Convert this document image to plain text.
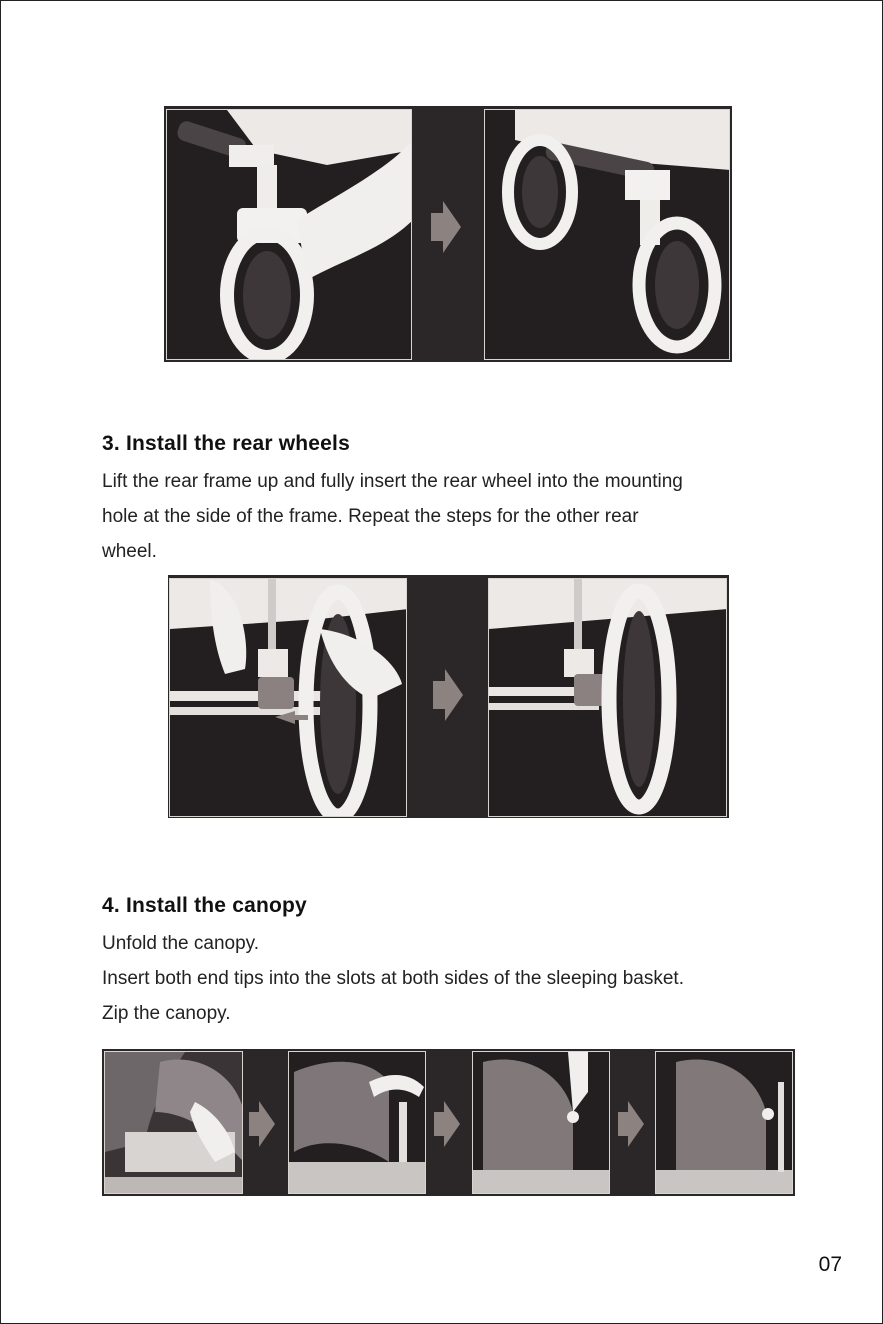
3. Install the rear wheels

Lift the rear frame up and fully insert the rear wheel into the mounting

hole at the side of the frame. Repeat the steps for the other rear

wheel.

4. Install the canopy

Unfold the canopy.

Insert both end tips into the slots at both sides of the sleeping basket.

Zip the canopy.

07
